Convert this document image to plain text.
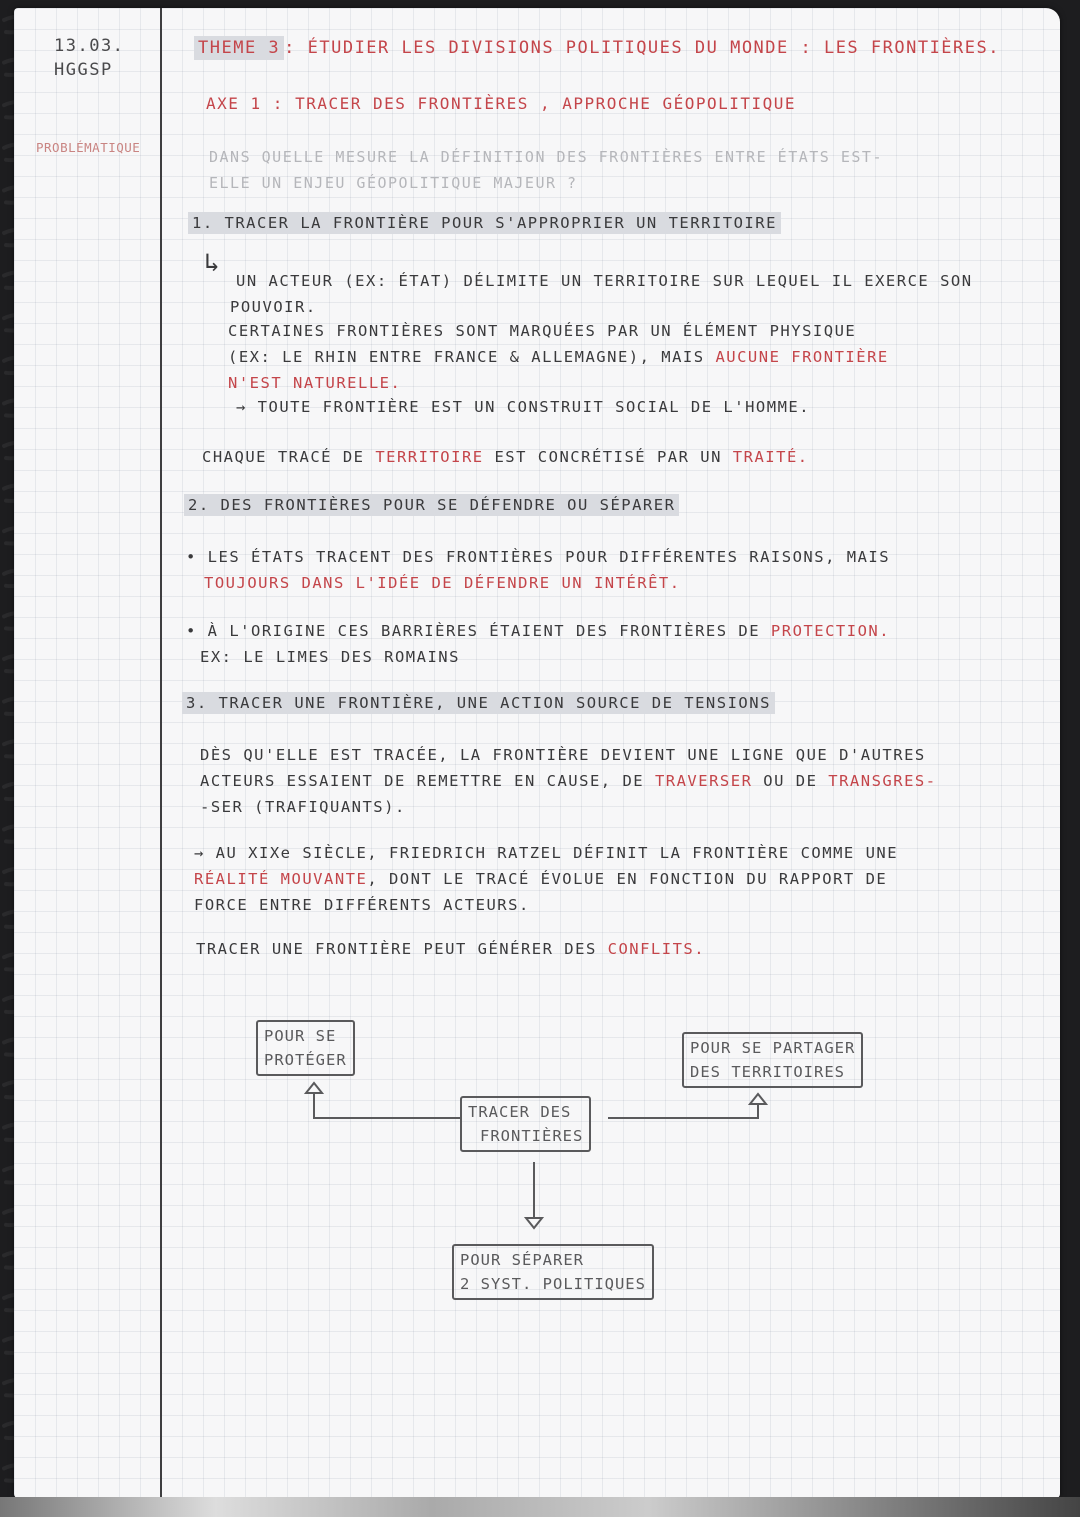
13.03.
HGGSP
PROBLÉMATIQUE
THEME 3 : ÉTUDIER LES DIVISIONS POLITIQUES DU MONDE : LES FRONTIÈRES.
AXE 1 : TRACER DES FRONTIÈRES , APPROCHE GÉOPOLITIQUE
DANS QUELLE MESURE LA DÉFINITION DES FRONTIÈRES ENTRE ÉTATS EST-
ELLE UN ENJEU GÉOPOLITIQUE MAJEUR ?
1. TRACER LA FRONTIÈRE POUR S'APPROPRIER UN TERRITOIRE
↳
UN ACTEUR (EX: ÉTAT) DÉLIMITE UN TERRITOIRE SUR LEQUEL IL EXERCE SON
POUVOIR.
CERTAINES FRONTIÈRES SONT MARQUÉES PAR UN ÉLÉMENT PHYSIQUE
(EX: LE RHIN ENTRE FRANCE & ALLEMAGNE), MAIS AUCUNE FRONTIÈRE
N'EST NATURELLE.
→ TOUTE FRONTIÈRE EST UN CONSTRUIT SOCIAL DE L'HOMME.
CHAQUE TRACÉ DE TERRITOIRE EST CONCRÉTISÉ PAR UN TRAITÉ.
2. DES FRONTIÈRES POUR SE DÉFENDRE OU SÉPARER
• LES ÉTATS TRACENT DES FRONTIÈRES POUR DIFFÉRENTES RAISONS, MAIS
TOUJOURS DANS L'IDÉE DE DÉFENDRE UN INTÉRÊT.
• À L'ORIGINE CES BARRIÈRES ÉTAIENT DES FRONTIÈRES DE PROTECTION.
EX: LE LIMES DES ROMAINS
3. TRACER UNE FRONTIÈRE, UNE ACTION SOURCE DE TENSIONS
DÈS QU'ELLE EST TRACÉE, LA FRONTIÈRE DEVIENT UNE LIGNE QUE D'AUTRES
ACTEURS ESSAIENT DE REMETTRE EN CAUSE, DE TRAVERSER OU DE TRANSGRES-
-SER (TRAFIQUANTS).
→ AU XIXe SIÈCLE, FRIEDRICH RATZEL DÉFINIT LA FRONTIÈRE COMME UNE
RÉALITÉ MOUVANTE, DONT LE TRACÉ ÉVOLUE EN FONCTION DU RAPPORT DE
FORCE ENTRE DIFFÉRENTS ACTEURS.
TRACER UNE FRONTIÈRE PEUT GÉNÉRER DES CONFLITS.
TRACER DES
FRONTIÈRES
POUR SE
PROTÉGER
POUR SE PARTAGER
DES TERRITOIRES
POUR SÉPARER
2 SYST. POLITIQUES
